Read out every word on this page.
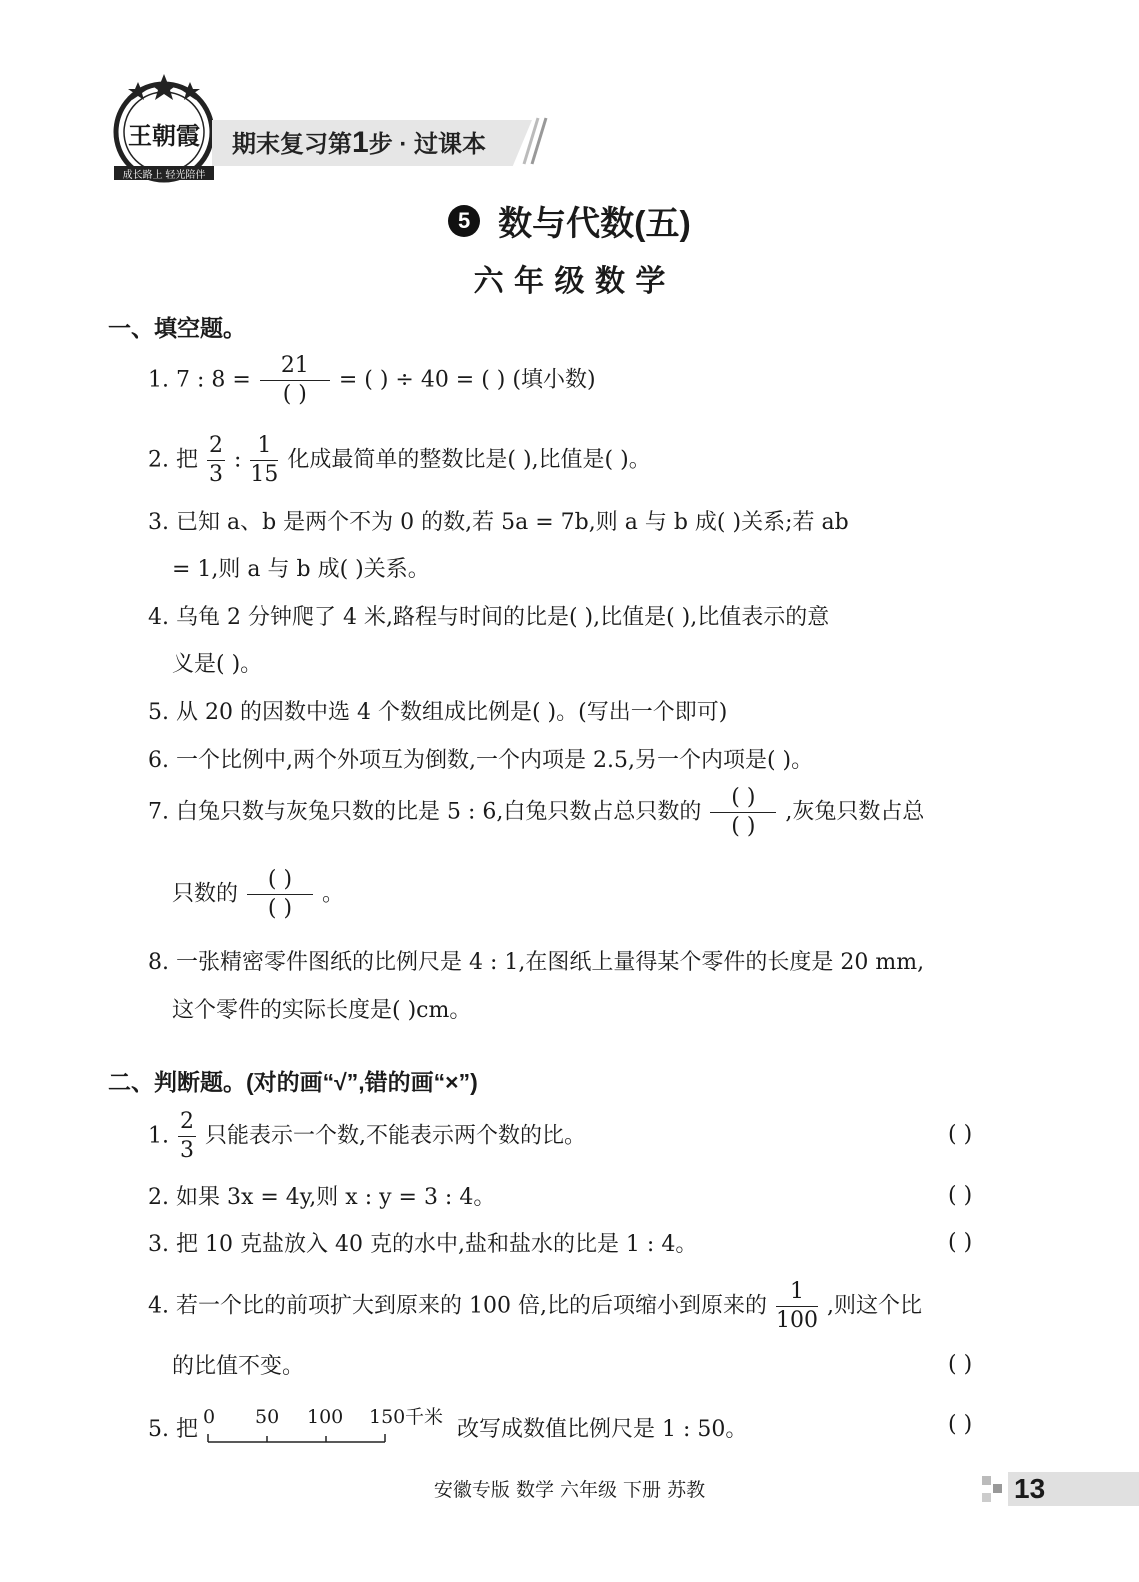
王朝霞
成长路上 轻光陪伴
期末复习第1步 · 过课本
5 数与代数(五)
六 年 级 数 学
一、填空题。
1. 7 : $8 = \frac{21}{( )}$ = ( ) ÷ 40 = ( ) (填小数)
2. 把 $\frac{2}{3}$ : $\frac{1}{15}$ 化成最简单的整数比是( ),比值是( )。
3. 已知 a、b 是两个不为 0 的数,若 5a = 7b,则 a 与 b 成( )关系;若 ab
= 1,则 a 与 b 成( )关系。
4. 乌龟 2 分钟爬了 4 米,路程与时间的比是( ),比值是( ),比值表示的意
义是( )。
5. 从 20 的因数中选 4 个数组成比例是( )。(写出一个即可)
6. 一个比例中,两个外项互为倒数,一个内项是 2.5,另一个内项是( )。
7. 白兔只数与灰兔只数的比是 5 : 6,白兔只数占总只数的 $\frac{( )}{( )}$ ,灰兔只数占总
只数的 $\frac{( )}{( )}$ 。
8. 一张精密零件图纸的比例尺是 4 : 1,在图纸上量得某个零件的长度是 20 mm,
这个零件的实际长度是( )cm。
二、判断题。(对的画“√”,错的画“×”)
1. $\frac{2}{3}$ 只能表示一个数,不能表示两个数的比。	( )
2. 如果 3x = 4y,则 x : y = 3 : 4。	( )
3. 把 10 克盐放入 40 克的水中,盐和盐水的比是 1 : 4。	( )
4. 若一个比的前项扩大到原来的 100 倍,比的后项缩小到原来的 $\frac{1}{100}$ ,则这个比
的比值不变。	( )
5. 把 0 50 100 150 千米 改写成数值比例尺是 1 : 50。	( )
安徽专版 数学 六年级 下册 苏教	13
